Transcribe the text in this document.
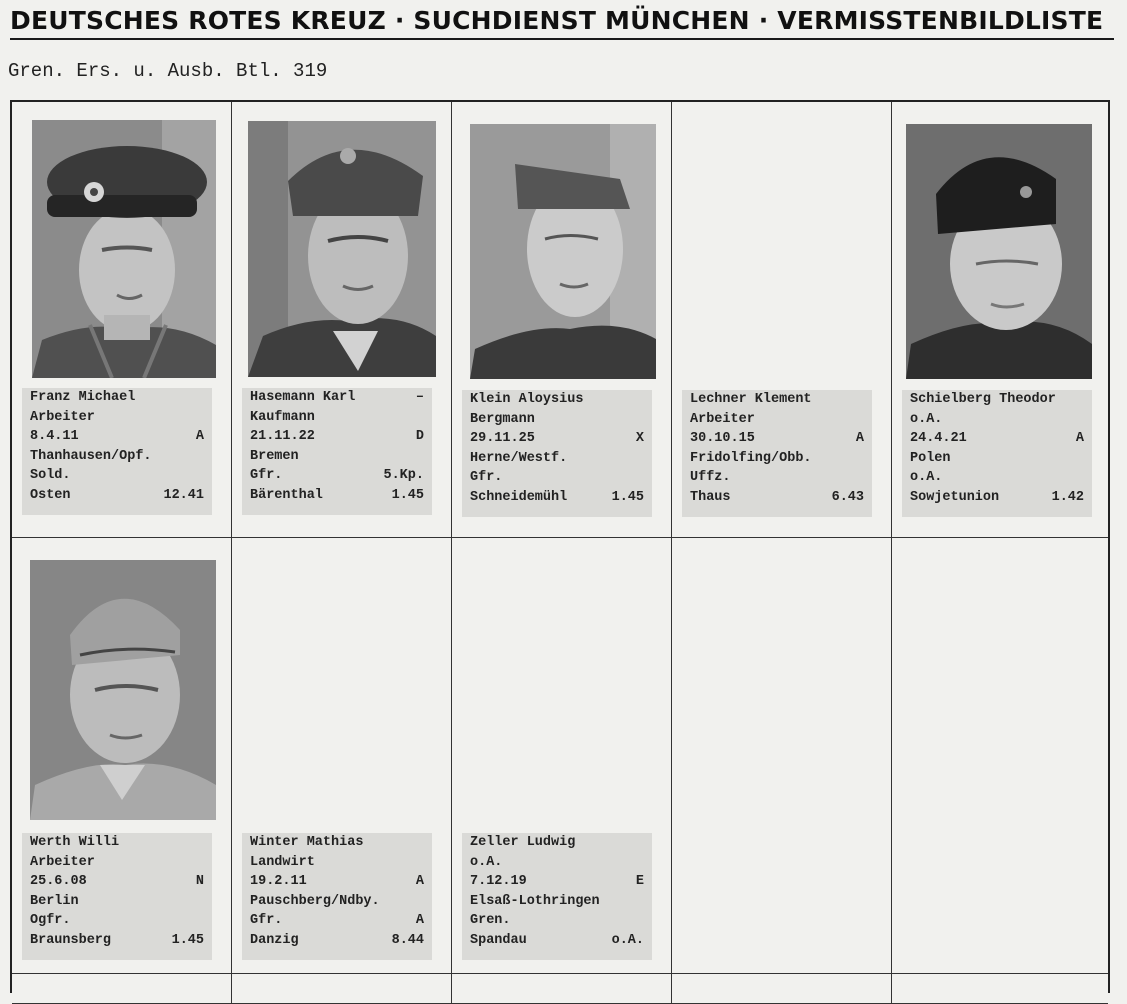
DEUTSCHES ROTES KREUZ · SUCHDIENST MÜNCHEN · VERMISSTENBILDLISTE
Gren. Ers. u. Ausb. Btl. 319
Franz Michael
Arbeiter
8.4.11	A
Thanhausen/Opf.
Sold.
Osten	12.41
Hasemann Karl	–
Kaufmann
21.11.22	D
Bremen
Gfr.	5.Kp.
Bärenthal	1.45
Klein Aloysius
Bergmann
29.11.25	X
Herne/Westf.
Gfr.
Schneidemühl	1.45
Lechner Klement
Arbeiter
30.10.15	A
Fridolfing/Obb.
Uffz.
Thaus	6.43
Schielberg Theodor
o.A.
24.4.21	A
Polen
o.A.
Sowjetunion	1.42
Werth Willi
Arbeiter
25.6.08	N
Berlin
Ogfr.
Braunsberg	1.45
Winter Mathias
Landwirt
19.2.11	A
Pauschberg/Ndby.
Gfr.	A
Danzig	8.44
Zeller Ludwig
o.A.
7.12.19	E
Elsaß-Lothringen
Gren.
Spandau	o.A.
